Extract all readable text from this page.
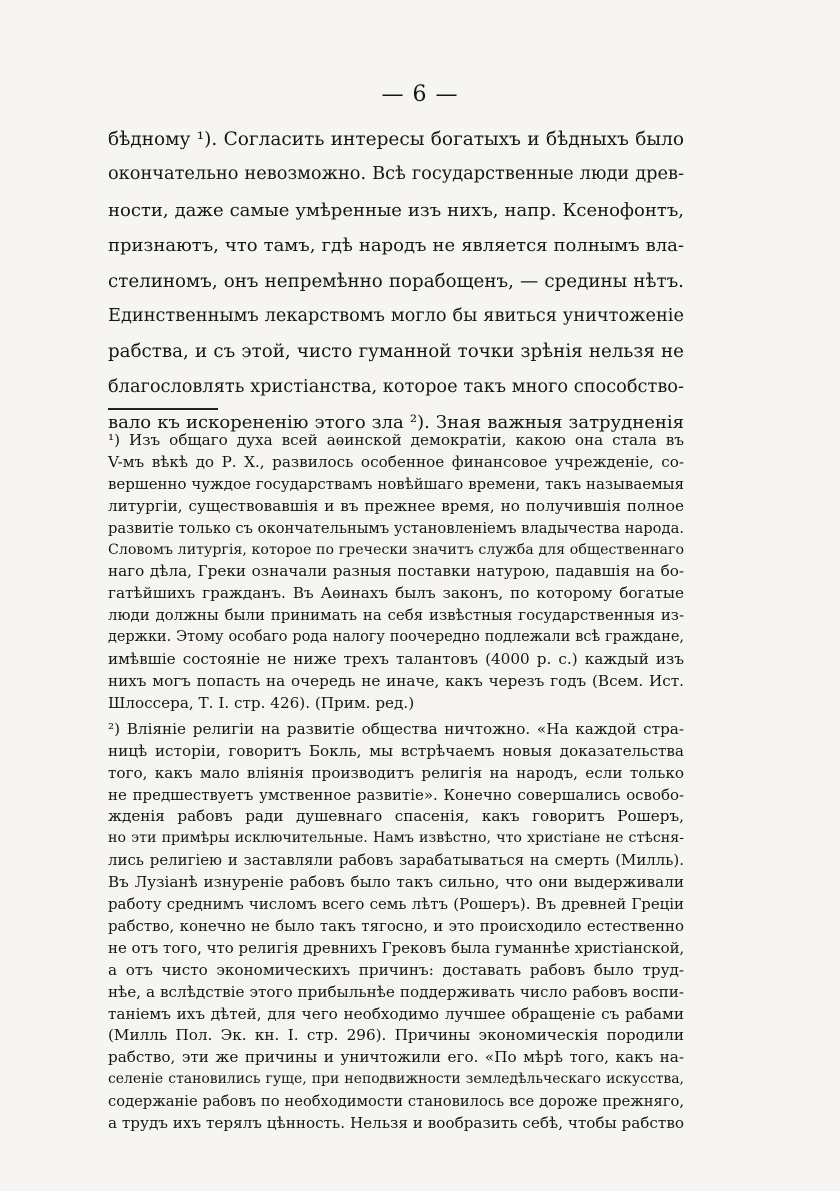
— 6 —
бѣдному ¹). Согласить интересы богатыхъ и бѣдныхъ было
окончательно невозможно. Всѣ государственные люди древ-
ности, даже самые умѣренные изъ нихъ, напр. Ксенофонтъ,
признаютъ, что тамъ, гдѣ народъ не является полнымъ вла-
стелиномъ, онъ непремѣнно порабощенъ, — средины нѣтъ.
Единственнымъ лекарствомъ могло бы явиться уничтоженіе
рабства, и съ этой, чисто гуманной точки зрѣнія нельзя не
благословлять христіанства, которое такъ много способство-
вало къ искорененію этого зла ²). Зная важныя затрудненія
¹) Изъ общаго духа всей аѳинской демократіи, какою она стала въ
V-мъ вѣкѣ до Р. Х., развилось особенное финансовое учрежденіе, со-
вершенно чуждое государствамъ новѣйшаго времени, такъ называемыя
литургіи, существовавшія и въ прежнее время, но получившія полное
развитіе только съ окончательнымъ установленіемъ владычества народа.
Словомъ литургія, которое по гречески значитъ служба для общественнаго
наго дѣла, Греки означали разныя поставки натурою, падавшія на бо-
гатѣйшихъ гражданъ. Въ Аѳинахъ былъ законъ, по которому богатые
люди должны были принимать на себя извѣстныя государственныя из-
держки. Этому особаго рода налогу поочередно подлежали всѣ граждане,
имѣвшіе состояніе не ниже трехъ талантовъ (4000 р. с.) каждый изъ
нихъ могъ попасть на очередь не иначе, какъ черезъ годъ (Всем. Ист.
Шлоссера, Т. I. стр. 426). (Прим. ред.)
²) Вліяніе религіи на развитіе общества ничтожно. «На каждой стра-
ницѣ исторіи, говоритъ Бокль, мы встрѣчаемъ новыя доказательства
того, какъ мало вліянія производитъ религія на народъ, если только
не предшествуетъ умственное развитіе». Конечно совершались освобо-
жденія рабовъ ради душевнаго спасенія, какъ говоритъ Рошеръ,
но эти примѣры исключительные. Намъ извѣстно, что христіане не стѣсня-
лись религіею и заставляли рабовъ зарабатываться на смерть (Милль).
Въ Лузіанѣ изнуреніе рабовъ было такъ сильно, что они выдерживали
работу среднимъ числомъ всего семь лѣтъ (Рошеръ). Въ древней Греціи
рабство, конечно не было такъ тягосно, и это происходило естественно
не отъ того, что религія древнихъ Грековъ была гуманнѣе христіанской,
а отъ чисто экономическихъ причинъ: доставать рабовъ было труд-
нѣе, а вслѣдствіе этого прибыльнѣе поддерживать число рабовъ воспи-
таніемъ ихъ дѣтей, для чего необходимо лучшее обращеніе съ рабами
(Милль Пол. Эк. кн. I. стр. 296). Причины экономическія породили
рабство, эти же причины и уничтожили его. «По мѣрѣ того, какъ на-
селеніе становились гуще, при неподвижности земледѣльческаго искусства,
содержаніе рабовъ по необходимости становилось все дороже прежняго,
а трудъ ихъ терялъ цѣнность. Нельзя и вообразить себѣ, чтобы рабство
